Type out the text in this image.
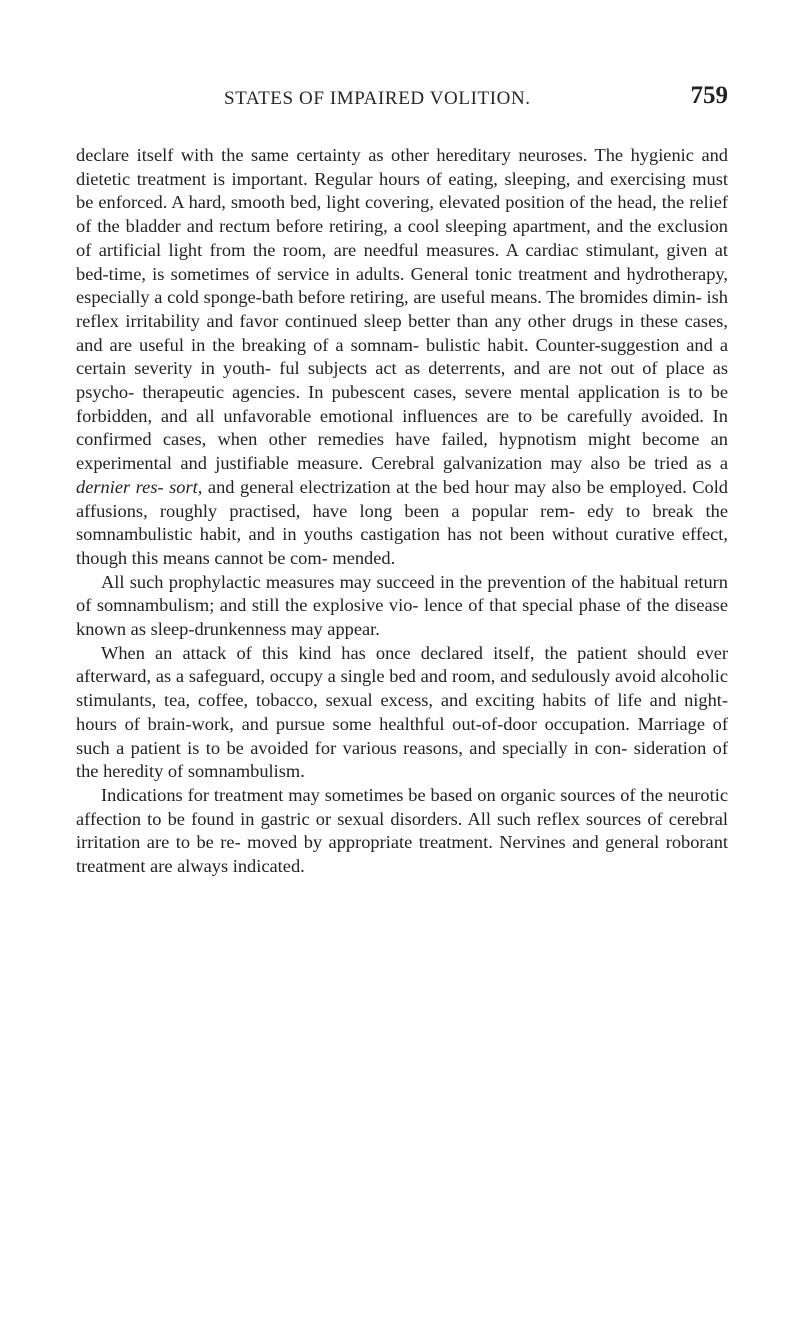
STATES OF IMPAIRED VOLITION.	759

declare itself with the same certainty as other hereditary neuroses. The hygienic and dietetic treatment is important. Regular hours of eating, sleeping, and exercising must be enforced. A hard, smooth bed, light covering, elevated position of the head, the relief of the bladder and rectum before retiring, a cool sleeping apartment, and the exclusion of artificial light from the room, are needful measures. A cardiac stimulant, given at bed-time, is sometimes of service in adults. General tonic treatment and hydrotherapy, especially a cold sponge-bath before retiring, are useful means. The bromides dimin- ish reflex irritability and favor continued sleep better than any other drugs in these cases, and are useful in the breaking of a somnam- bulistic habit. Counter-suggestion and a certain severity in youth- ful subjects act as deterrents, and are not out of place as psycho- therapeutic agencies. In pubescent cases, severe mental application is to be forbidden, and all unfavorable emotional influences are to be carefully avoided. In confirmed cases, when other remedies have failed, hypnotism might become an experimental and justifiable measure. Cerebral galvanization may also be tried as a dernier res- sort, and general electrization at the bed hour may also be employed. Cold affusions, roughly practised, have long been a popular rem- edy to break the somnambulistic habit, and in youths castigation has not been without curative effect, though this means cannot be com- mended.

All such prophylactic measures may succeed in the prevention of the habitual return of somnambulism; and still the explosive vio- lence of that special phase of the disease known as sleep-drunkenness may appear.

When an attack of this kind has once declared itself, the patient should ever afterward, as a safeguard, occupy a single bed and room, and sedulously avoid alcoholic stimulants, tea, coffee, tobacco, sexual excess, and exciting habits of life and night-hours of brain-work, and pursue some healthful out-of-door occupation. Marriage of such a patient is to be avoided for various reasons, and specially in con- sideration of the heredity of somnambulism.

Indications for treatment may sometimes be based on organic sources of the neurotic affection to be found in gastric or sexual disorders. All such reflex sources of cerebral irritation are to be re- moved by appropriate treatment. Nervines and general roborant treatment are always indicated.
